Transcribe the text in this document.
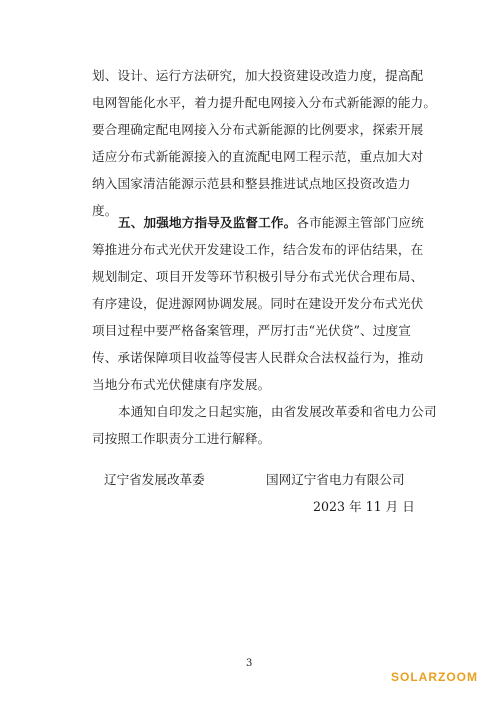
划、设计、运行方法研究，加大投资建设改造力度，提高配
电网智能化水平，着力提升配电网接入分布式新能源的能力。
要合理确定配电网接入分布式新能源的比例要求，探索开展
适应分布式新能源接入的直流配电网工程示范，重点加大对
纳入国家清洁能源示范县和整县推进试点地区投资改造力
度。
五、加强地方指导及监督工作。各市能源主管部门应统
筹推进分布式光伏开发建设工作，结合发布的评估结果，在
规划制定、项目开发等环节积极引导分布式光伏合理布局、
有序建设，促进源网协调发展。同时在建设开发分布式光伏
项目过程中要严格备案管理，严厉打击“光伏贷”、过度宣
传、承诺保障项目收益等侵害人民群众合法权益行为，推动
当地分布式光伏健康有序发展。
本通知自印发之日起实施，由省发展改革委和省电力公司
司按照工作职责分工进行解释。
辽宁省发展改革委	国网辽宁省电力有限公司
2023 年 11 月 日
3
SOLARZOOM
